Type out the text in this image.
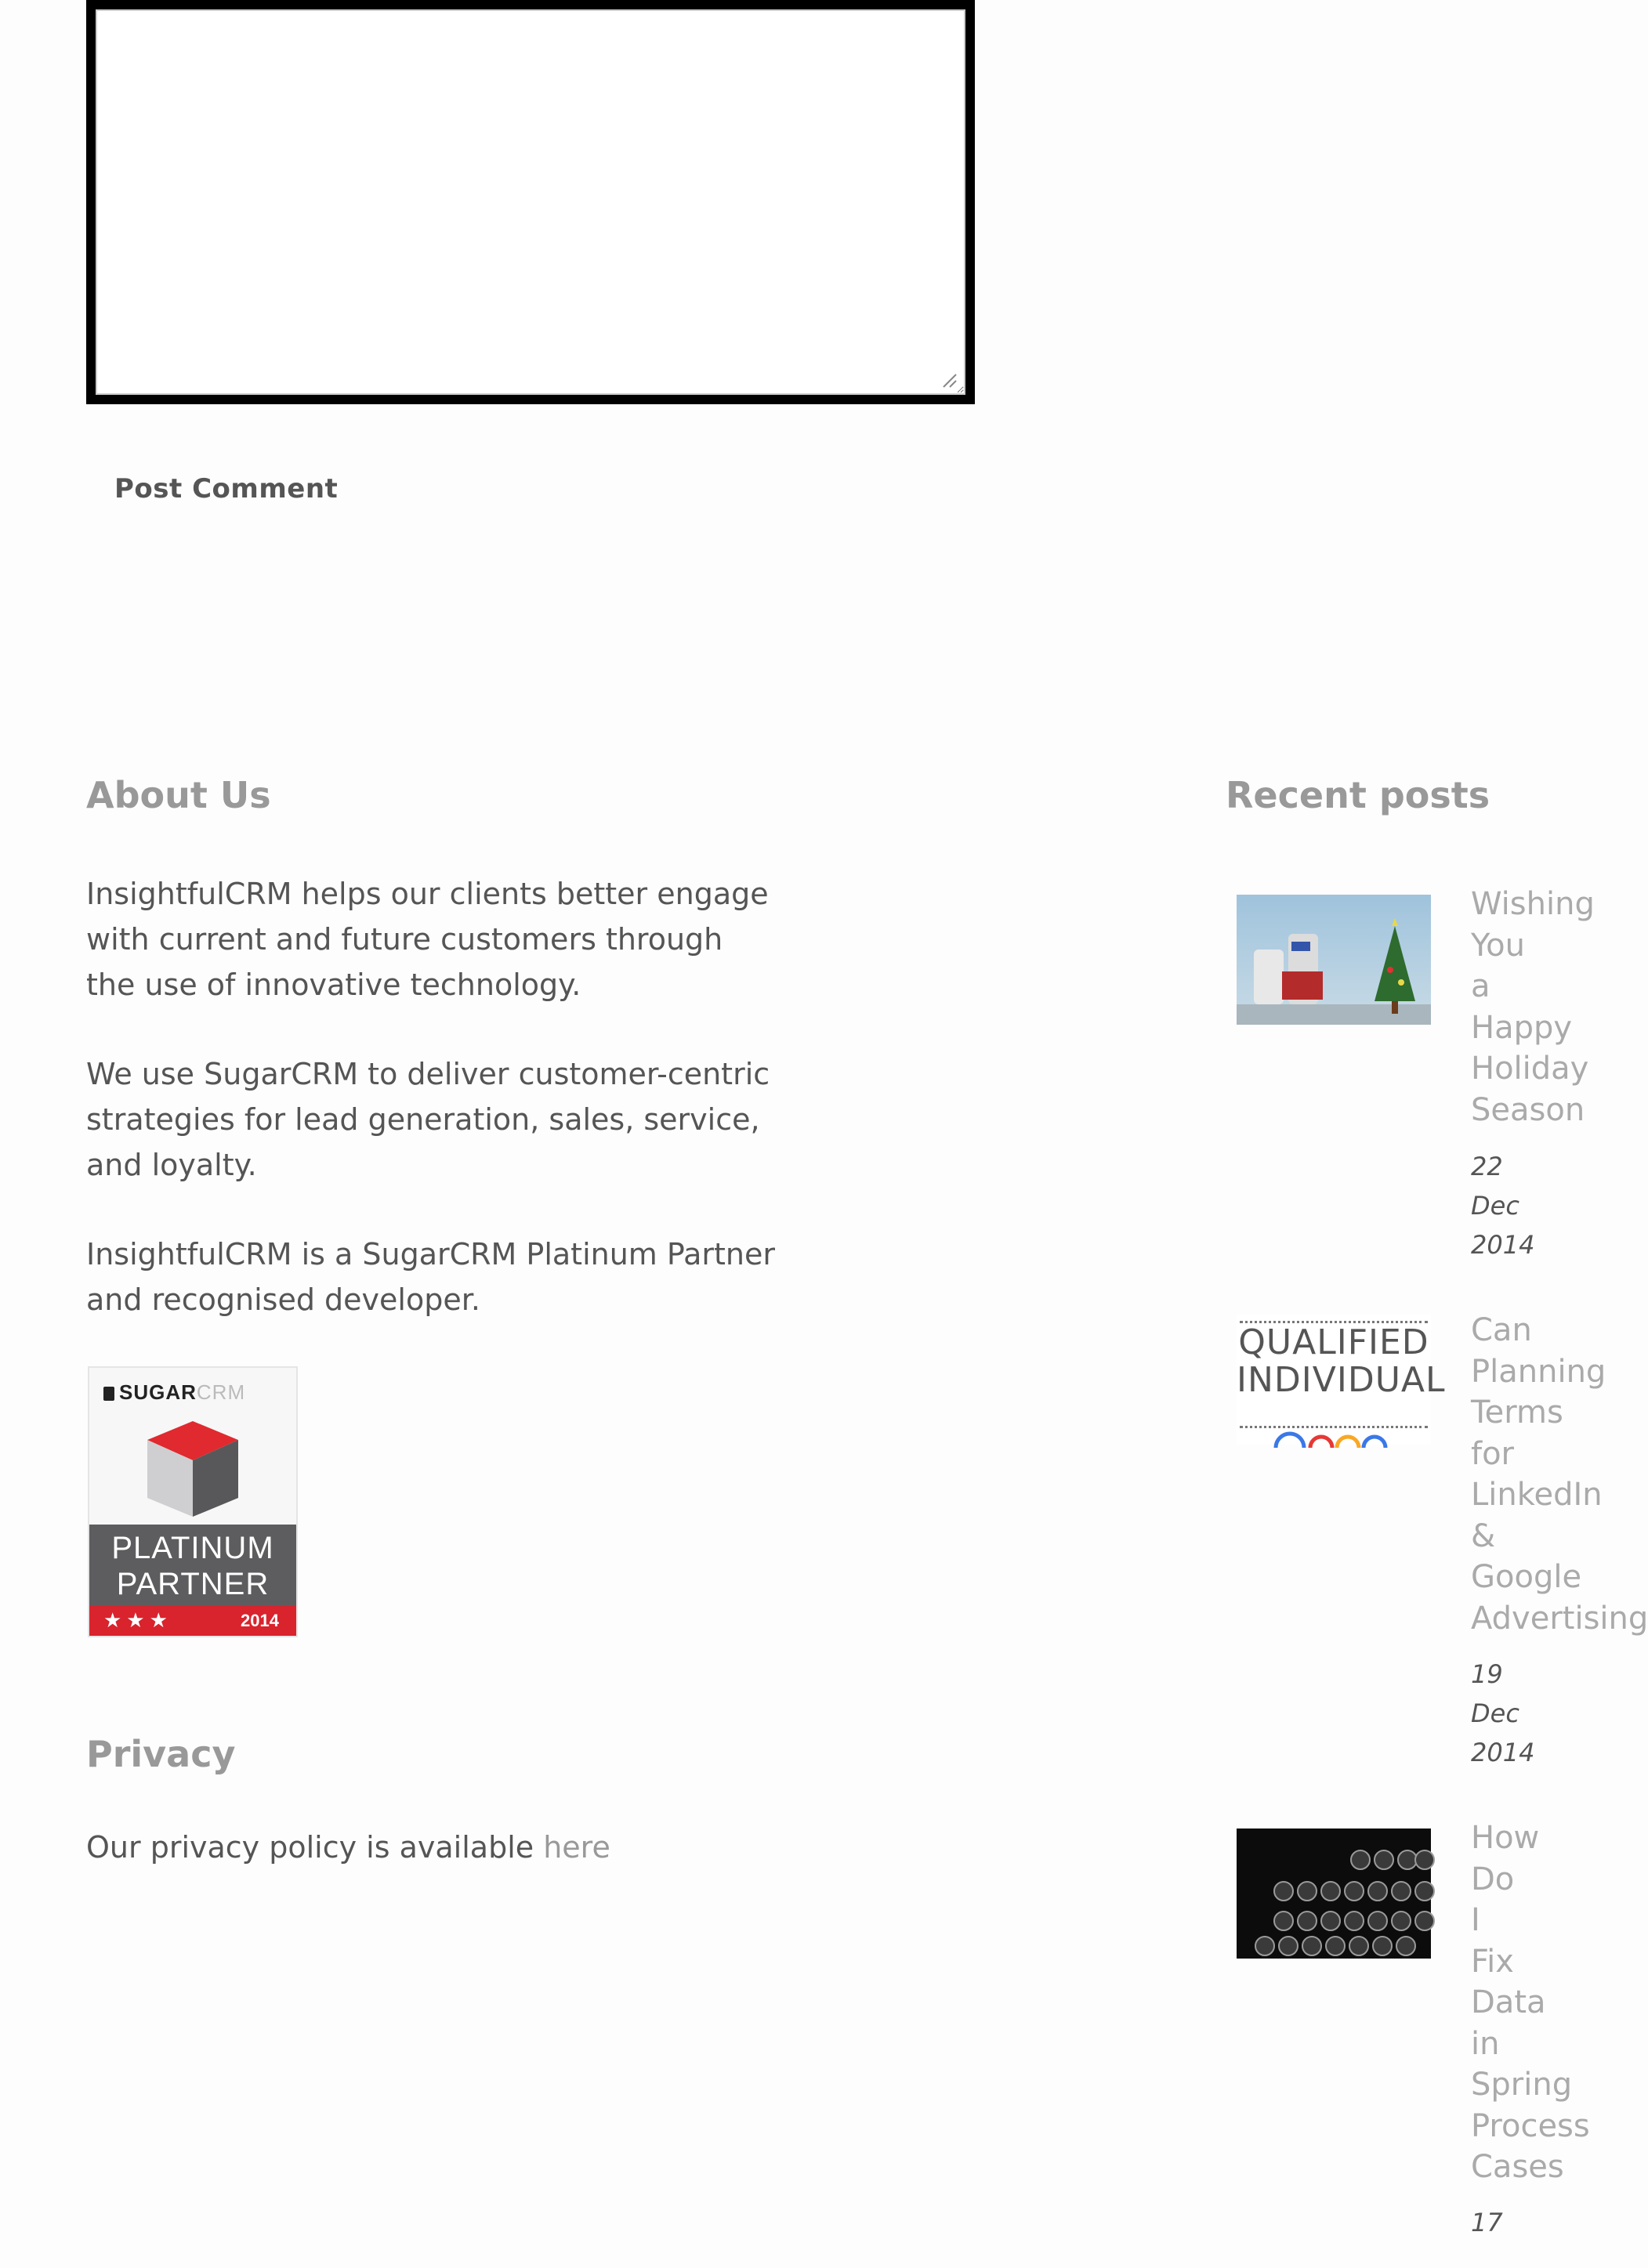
Post Comment
About Us

InsightfulCRM helps our clients better engage with current and future customers through the use of innovative technology.

We use SugarCRM to deliver customer-centric strategies for lead generation, sales, service, and loyalty.

InsightfulCRM is a SugarCRM Platinum Partner and recognised developer.

SUGARCRM
PLATINUM
PARTNER
★★★	2014
Privacy

Our privacy policy is available here

Recent posts
Wishing You a Happy Holiday Season
22 Dec 2014
QUALIFIED
INDIVIDUAL
Can Planning Terms for LinkedIn & Google Advertising
19 Dec 2014
How Do I Fix Data in Spring Process Cases
17
